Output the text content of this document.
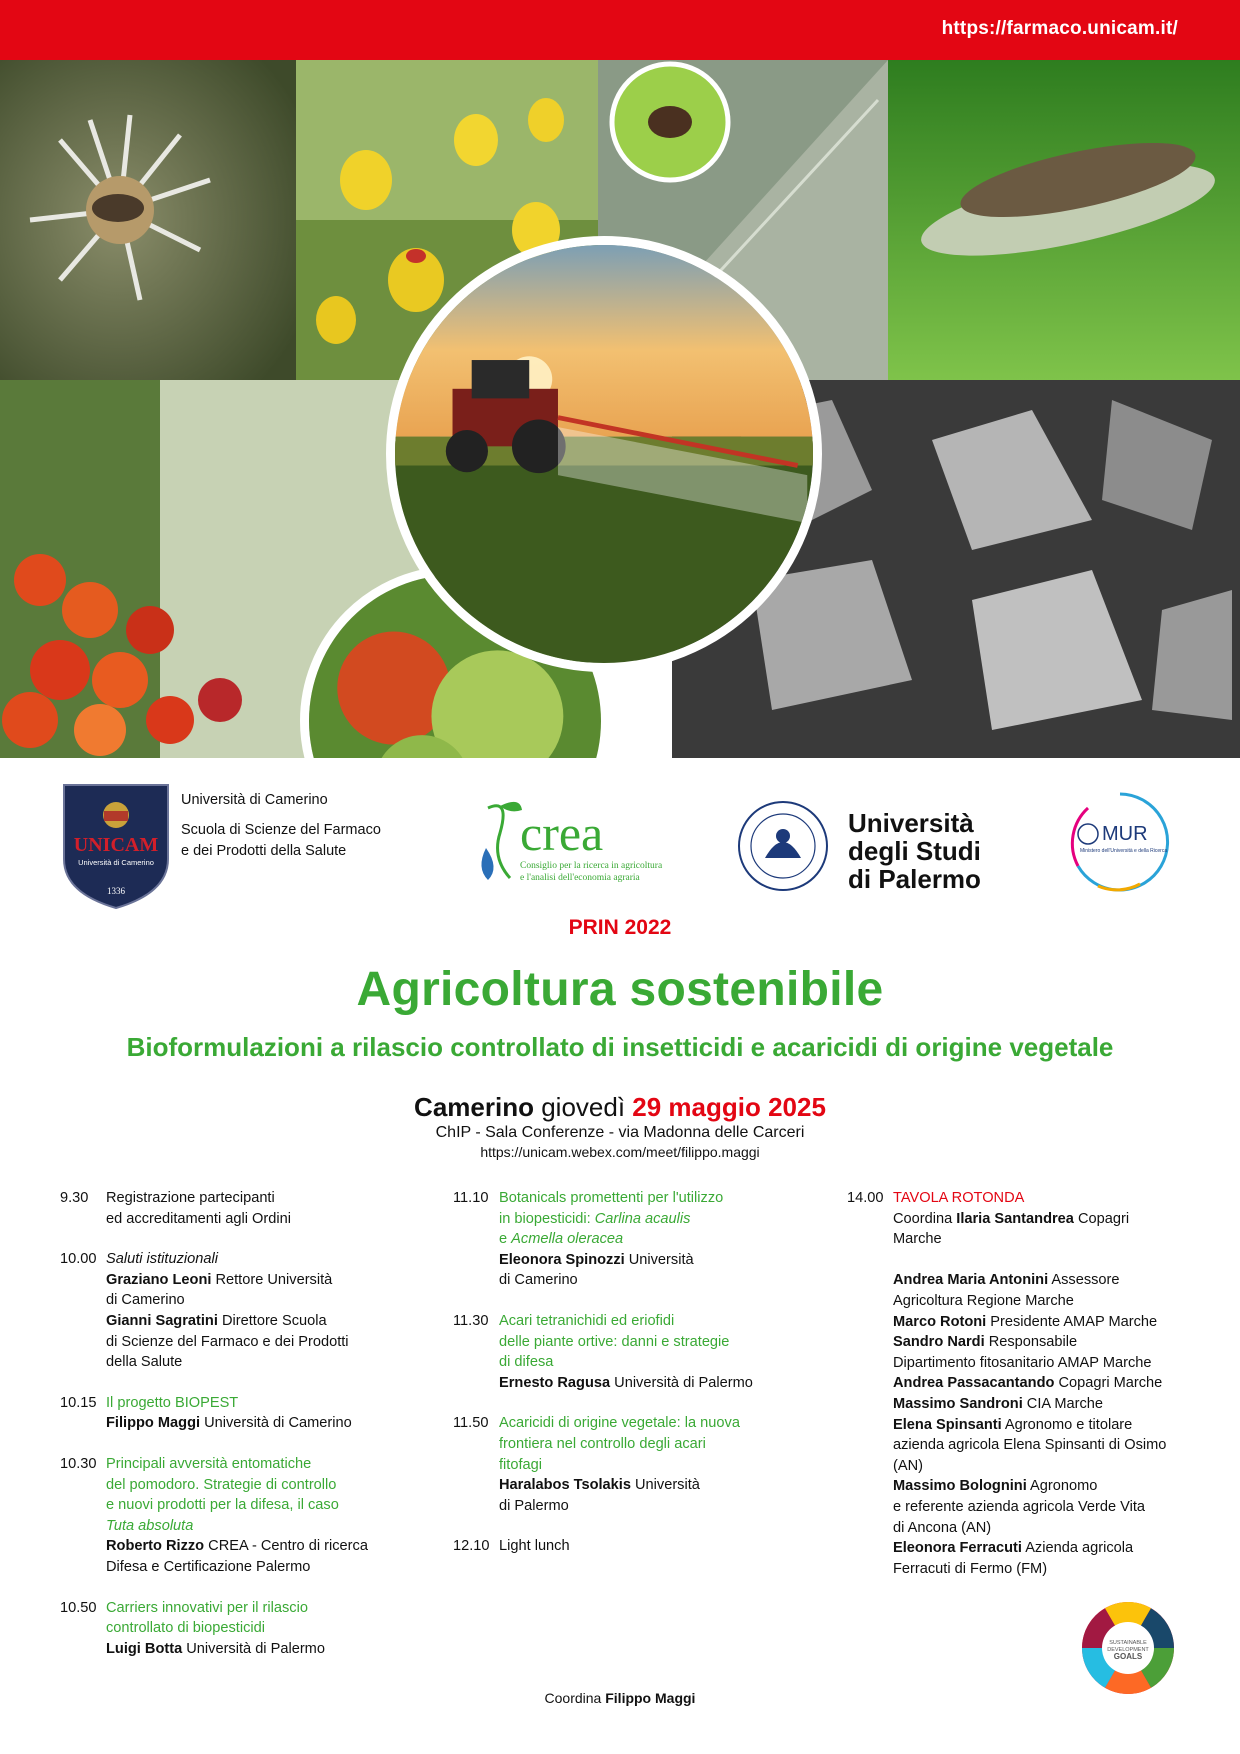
https://farmaco.unicam.it/
UNICAM
Università di Camerino
1336
Università di Camerino
Scuola di Scienze del Farmaco
e dei Prodotti della Salute	crea
Consiglio per la ricerca in agricoltura
e l'analisi dell'economia agraria
Università
degli Studi
di Palermo
MUR
Ministero dell'Università e della Ricerca
PRIN 2022
Agricoltura sostenibile
Bioformulazioni a rilascio controllato di insetticidi e acaricidi di origine vegetale
Camerino giovedì 29 maggio 2025
ChIP - Sala Conferenze - via Madonna delle Carceri
https://unicam.webex.com/meet/filippo.maggi
9.30	Registrazione partecipanti
ed accreditamenti agli Ordini
10.00 Saluti istituzionali
Graziano Leoni Rettore Università
di Camerino
Gianni Sagratini Direttore Scuola
di Scienze del Farmaco e dei Prodotti
della Salute
10.15 Il progetto BIOPEST
Filippo Maggi Università di Camerino
10.30 Principali avversità entomatiche
del pomodoro. Strategie di controllo
e nuovi prodotti per la difesa, il caso
Tuta absoluta
Roberto Rizzo CREA - Centro di ricerca
Difesa e Certificazione Palermo
10.50 Carriers innovativi per il rilascio
controllato di biopesticidi
Luigi Botta Università di Palermo
11.10 Botanicals promettenti per l'utilizzo
in biopesticidi: Carlina acaulis
e Acmella oleracea
Eleonora Spinozzi Università
di Camerino
11.30 Acari tetranichidi ed eriofidi
delle piante ortive: danni e strategie
di difesa
Ernesto Ragusa Università di Palermo
11.50 Acaricidi di origine vegetale: la nuova
frontiera nel controllo degli acari
fitofagi
Haralabos Tsolakis Università
di Palermo
12.10 Light lunch
14.00 TAVOLA ROTONDA
Coordina Ilaria Santandrea Copagri
Marche
Andrea Maria Antonini Assessore
Agricoltura Regione Marche
Marco Rotoni Presidente AMAP Marche
Sandro Nardi Responsabile
Dipartimento fitosanitario AMAP Marche
Andrea Passacantando Copagri Marche
Massimo Sandroni CIA Marche
Elena Spinsanti Agronomo e titolare
azienda agricola Elena Spinsanti di Osimo
(AN)
Massimo Bolognini Agronomo
e referente azienda agricola Verde Vita
di Ancona (AN)
Eleonora Ferracuti Azienda agricola
Ferracuti di Fermo (FM)
SUSTAINABLE
DEVELOPMENT
GOALS
Coordina Filippo Maggi
